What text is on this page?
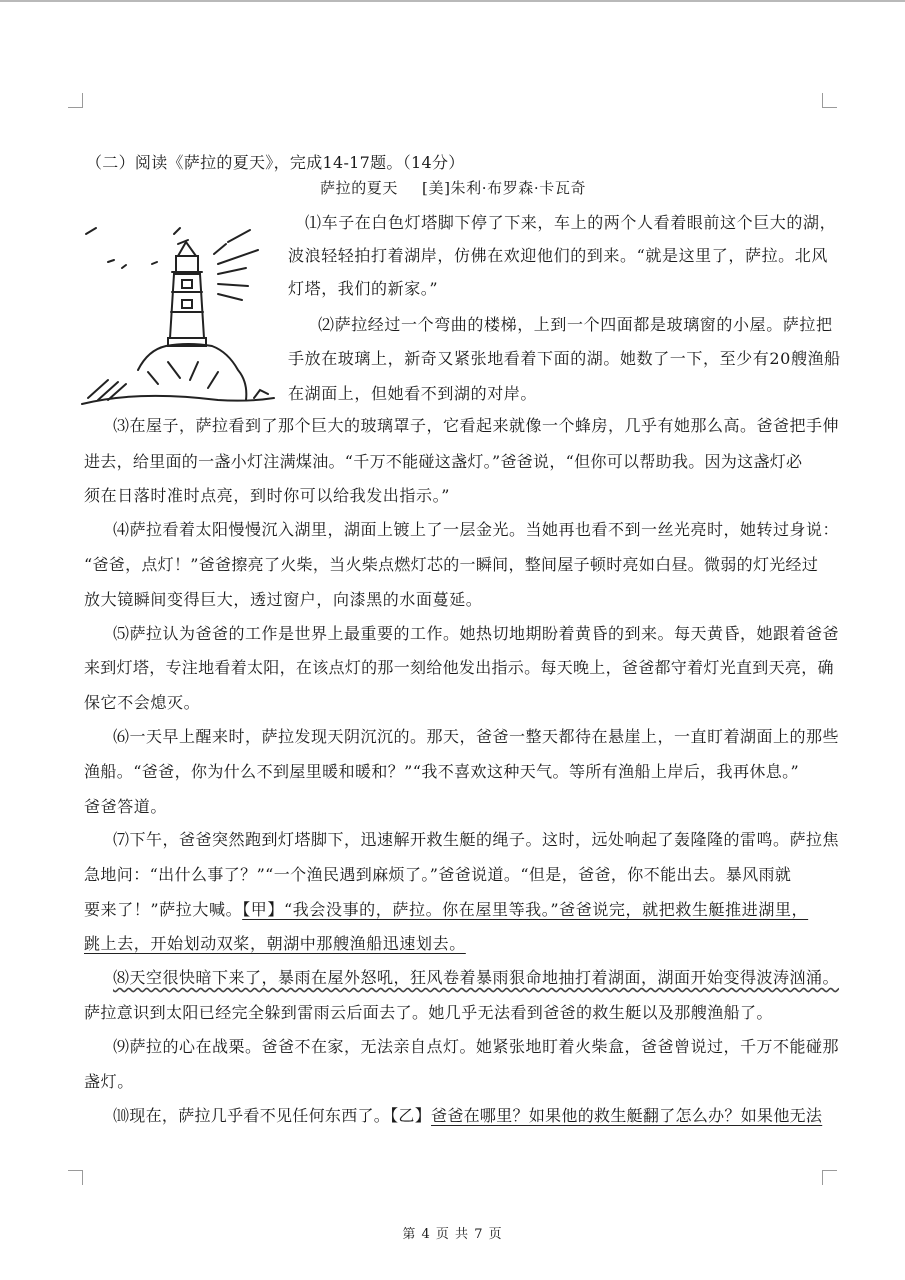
（二）阅读《萨拉的夏天》，完成14-17题。（14分）
萨拉的夏天 [美]朱利·布罗森·卡瓦奇
⑴车子在白色灯塔脚下停了下来，车上的两个人看着眼前这个巨大的湖，
波浪轻轻拍打着湖岸，仿佛在欢迎他们的到来。“就是这里了，萨拉。北风
灯塔，我们的新家。”
⑵萨拉经过一个弯曲的楼梯，上到一个四面都是玻璃窗的小屋。萨拉把
手放在玻璃上，新奇又紧张地看着下面的湖。她数了一下，至少有20艘渔船
在湖面上，但她看不到湖的对岸。
⑶在屋子，萨拉看到了那个巨大的玻璃罩子，它看起来就像一个蜂房，几乎有她那么高。爸爸把手伸
进去，给里面的一盏小灯注满煤油。“千万不能碰这盏灯。”爸爸说，“但你可以帮助我。因为这盏灯必
须在日落时准时点亮，到时你可以给我发出指示。”
⑷萨拉看着太阳慢慢沉入湖里，湖面上镀上了一层金光。当她再也看不到一丝光亮时，她转过身说：
“爸爸，点灯！”爸爸擦亮了火柴，当火柴点燃灯芯的一瞬间，整间屋子顿时亮如白昼。微弱的灯光经过
放大镜瞬间变得巨大，透过窗户，向漆黑的水面蔓延。
⑸萨拉认为爸爸的工作是世界上最重要的工作。她热切地期盼着黄昏的到来。每天黄昏，她跟着爸爸
来到灯塔，专注地看着太阳，在该点灯的那一刻给他发出指示。每天晚上，爸爸都守着灯光直到天亮，确
保它不会熄灭。
⑹一天早上醒来时，萨拉发现天阴沉沉的。那天，爸爸一整天都待在悬崖上，一直盯着湖面上的那些
渔船。“爸爸，你为什么不到屋里暖和暖和？”“我不喜欢这种天气。等所有渔船上岸后，我再休息。”
爸爸答道。
⑺下午，爸爸突然跑到灯塔脚下，迅速解开救生艇的绳子。这时，远处响起了轰隆隆的雷鸣。萨拉焦
急地问：“出什么事了？”“一个渔民遇到麻烦了。”爸爸说道。“但是，爸爸，你不能出去。暴风雨就
要来了！”萨拉大喊。【甲】“我会没事的，萨拉。你在屋里等我。”爸爸说完，就把救生艇推进湖里，
跳上去，开始划动双桨，朝湖中那艘渔船迅速划去。
⑻天空很快暗下来了，暴雨在屋外怒吼，狂风卷着暴雨狠命地抽打着湖面，湖面开始变得波涛汹涌。
萨拉意识到太阳已经完全躲到雷雨云后面去了。她几乎无法看到爸爸的救生艇以及那艘渔船了。
⑼萨拉的心在战栗。爸爸不在家，无法亲自点灯。她紧张地盯着火柴盒，爸爸曾说过，千万不能碰那
盏灯。
⑽现在，萨拉几乎看不见任何东西了。【乙】爸爸在哪里？如果他的救生艇翻了怎么办？如果他无法
第 4 页 共 7 页
